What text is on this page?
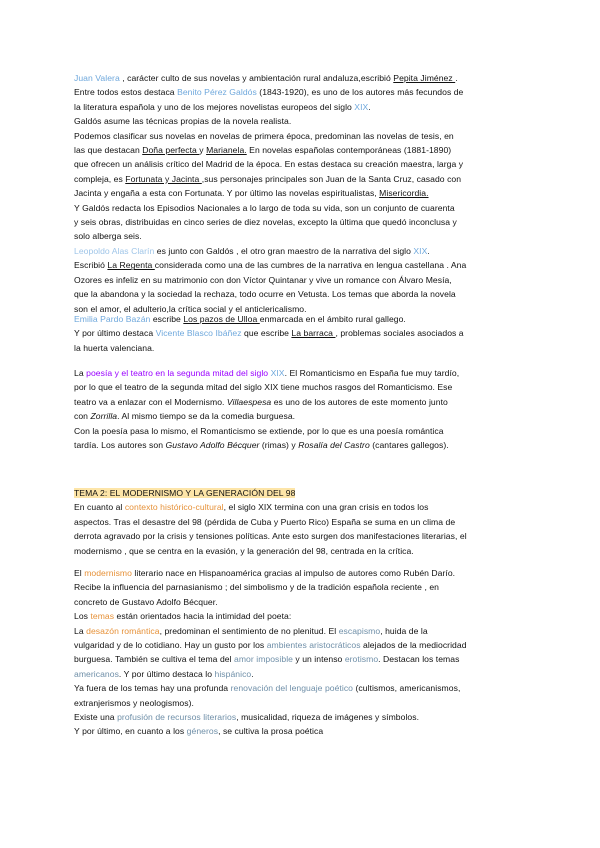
Juan Valera , carácter culto de sus novelas y ambientación rural andaluza,escribió Pepita Jiménez .
Entre todos estos destaca Benito Pérez Galdós (1843-1920), es uno de los autores más fecundos de
la literatura española y uno de los mejores novelistas europeos del siglo XIX.
Galdós asume las técnicas propias de la novela realista.
Podemos clasificar sus novelas en novelas de primera época, predominan las novelas de tesis, en
las que destacan Doña perfecta y Marianela. En novelas españolas contemporáneas (1881-1890)
que ofrecen un análisis crítico del Madrid de la época. En estas destaca su creación maestra, larga y
compleja, es Fortunata y Jacinta ,sus personajes principales son Juan de la Santa Cruz, casado con
Jacinta y engaña a esta con Fortunata. Y por último las novelas espiritualistas, Misericordia.
Y Galdós redacta los Episodios Nacionales a lo largo de toda su vida, son un conjunto de cuarenta
y seis obras, distribuidas en cinco series de diez novelas, excepto la última que quedó inconclusa y
solo alberga seis.
Leopoldo Alas Clarín es junto con Galdós , el otro gran maestro de la narrativa del siglo XIX.
Escribió La Regenta considerada como una de las cumbres de la narrativa en lengua castellana . Ana
Ozores es infeliz en su matrimonio con don Víctor Quintanar y vive un romance con Álvaro Mesía,
que la abandona y la sociedad la rechaza, todo ocurre en Vetusta. Los temas que aborda la novela
son el amor, el adulterio,la crítica social y el anticlericalismo.
Emilia Pardo Bazán escribe Los pazos de Ulloa enmarcada en el ámbito rural gallego.
Y por último destaca Vicente Blasco Ibáñez que escribe La barraca , problemas sociales asociados a
la huerta valenciana.
La poesía y el teatro en la segunda mitad del siglo XIX. El Romanticismo en España fue muy tardío,
por lo que el teatro de la segunda mitad del siglo XIX tiene muchos rasgos del Romanticismo. Ese
teatro va a enlazar con el Modernismo. Villaespesa es uno de los autores de este momento junto
con Zorrilla. Al mismo tiempo se da la comedia burguesa.
Con la poesía pasa lo mismo, el Romanticismo se extiende, por lo que es una poesía romántica
tardía. Los autores son Gustavo Adolfo Bécquer (rimas) y Rosalía del Castro (cantares gallegos).
TEMA 2: EL MODERNISMO Y LA GENERACIÓN DEL 98
En cuanto al contexto histórico-cultural, el siglo XIX termina con una gran crisis en todos los
aspectos. Tras el desastre del 98 (pérdida de Cuba y Puerto Rico) España se suma en un clima de
derrota agravado por la crisis y tensiones políticas. Ante esto surgen dos manifestaciones literarias, el
modernismo , que se centra en la evasión, y la generación del 98, centrada en la crítica.
El modernismo literario nace en Hispanoamérica gracias al impulso de autores como Rubén Darío.
Recibe la influencia del parnasianismo ; del simbolismo y de la tradición española reciente , en
concreto de Gustavo Adolfo Bécquer.
Los temas están orientados hacia la intimidad del poeta:
La desazón romántica, predominan el sentimiento de no plenitud. El escapismo, huida de la
vulgaridad y de lo cotidiano. Hay un gusto por los ambientes aristocráticos alejados de la mediocridad
burguesa. También se cultiva el tema del amor imposible y un intenso erotismo. Destacan los temas
americanos. Y por último destaca lo hispánico.
Ya fuera de los temas hay una profunda renovación del lenguaje poético (cultismos, americanismos,
extranjerismos y neologismos).
Existe una profusión de recursos literarios, musicalidad, riqueza de imágenes y símbolos.
Y por último, en cuanto a los géneros, se cultiva la prosa poética
